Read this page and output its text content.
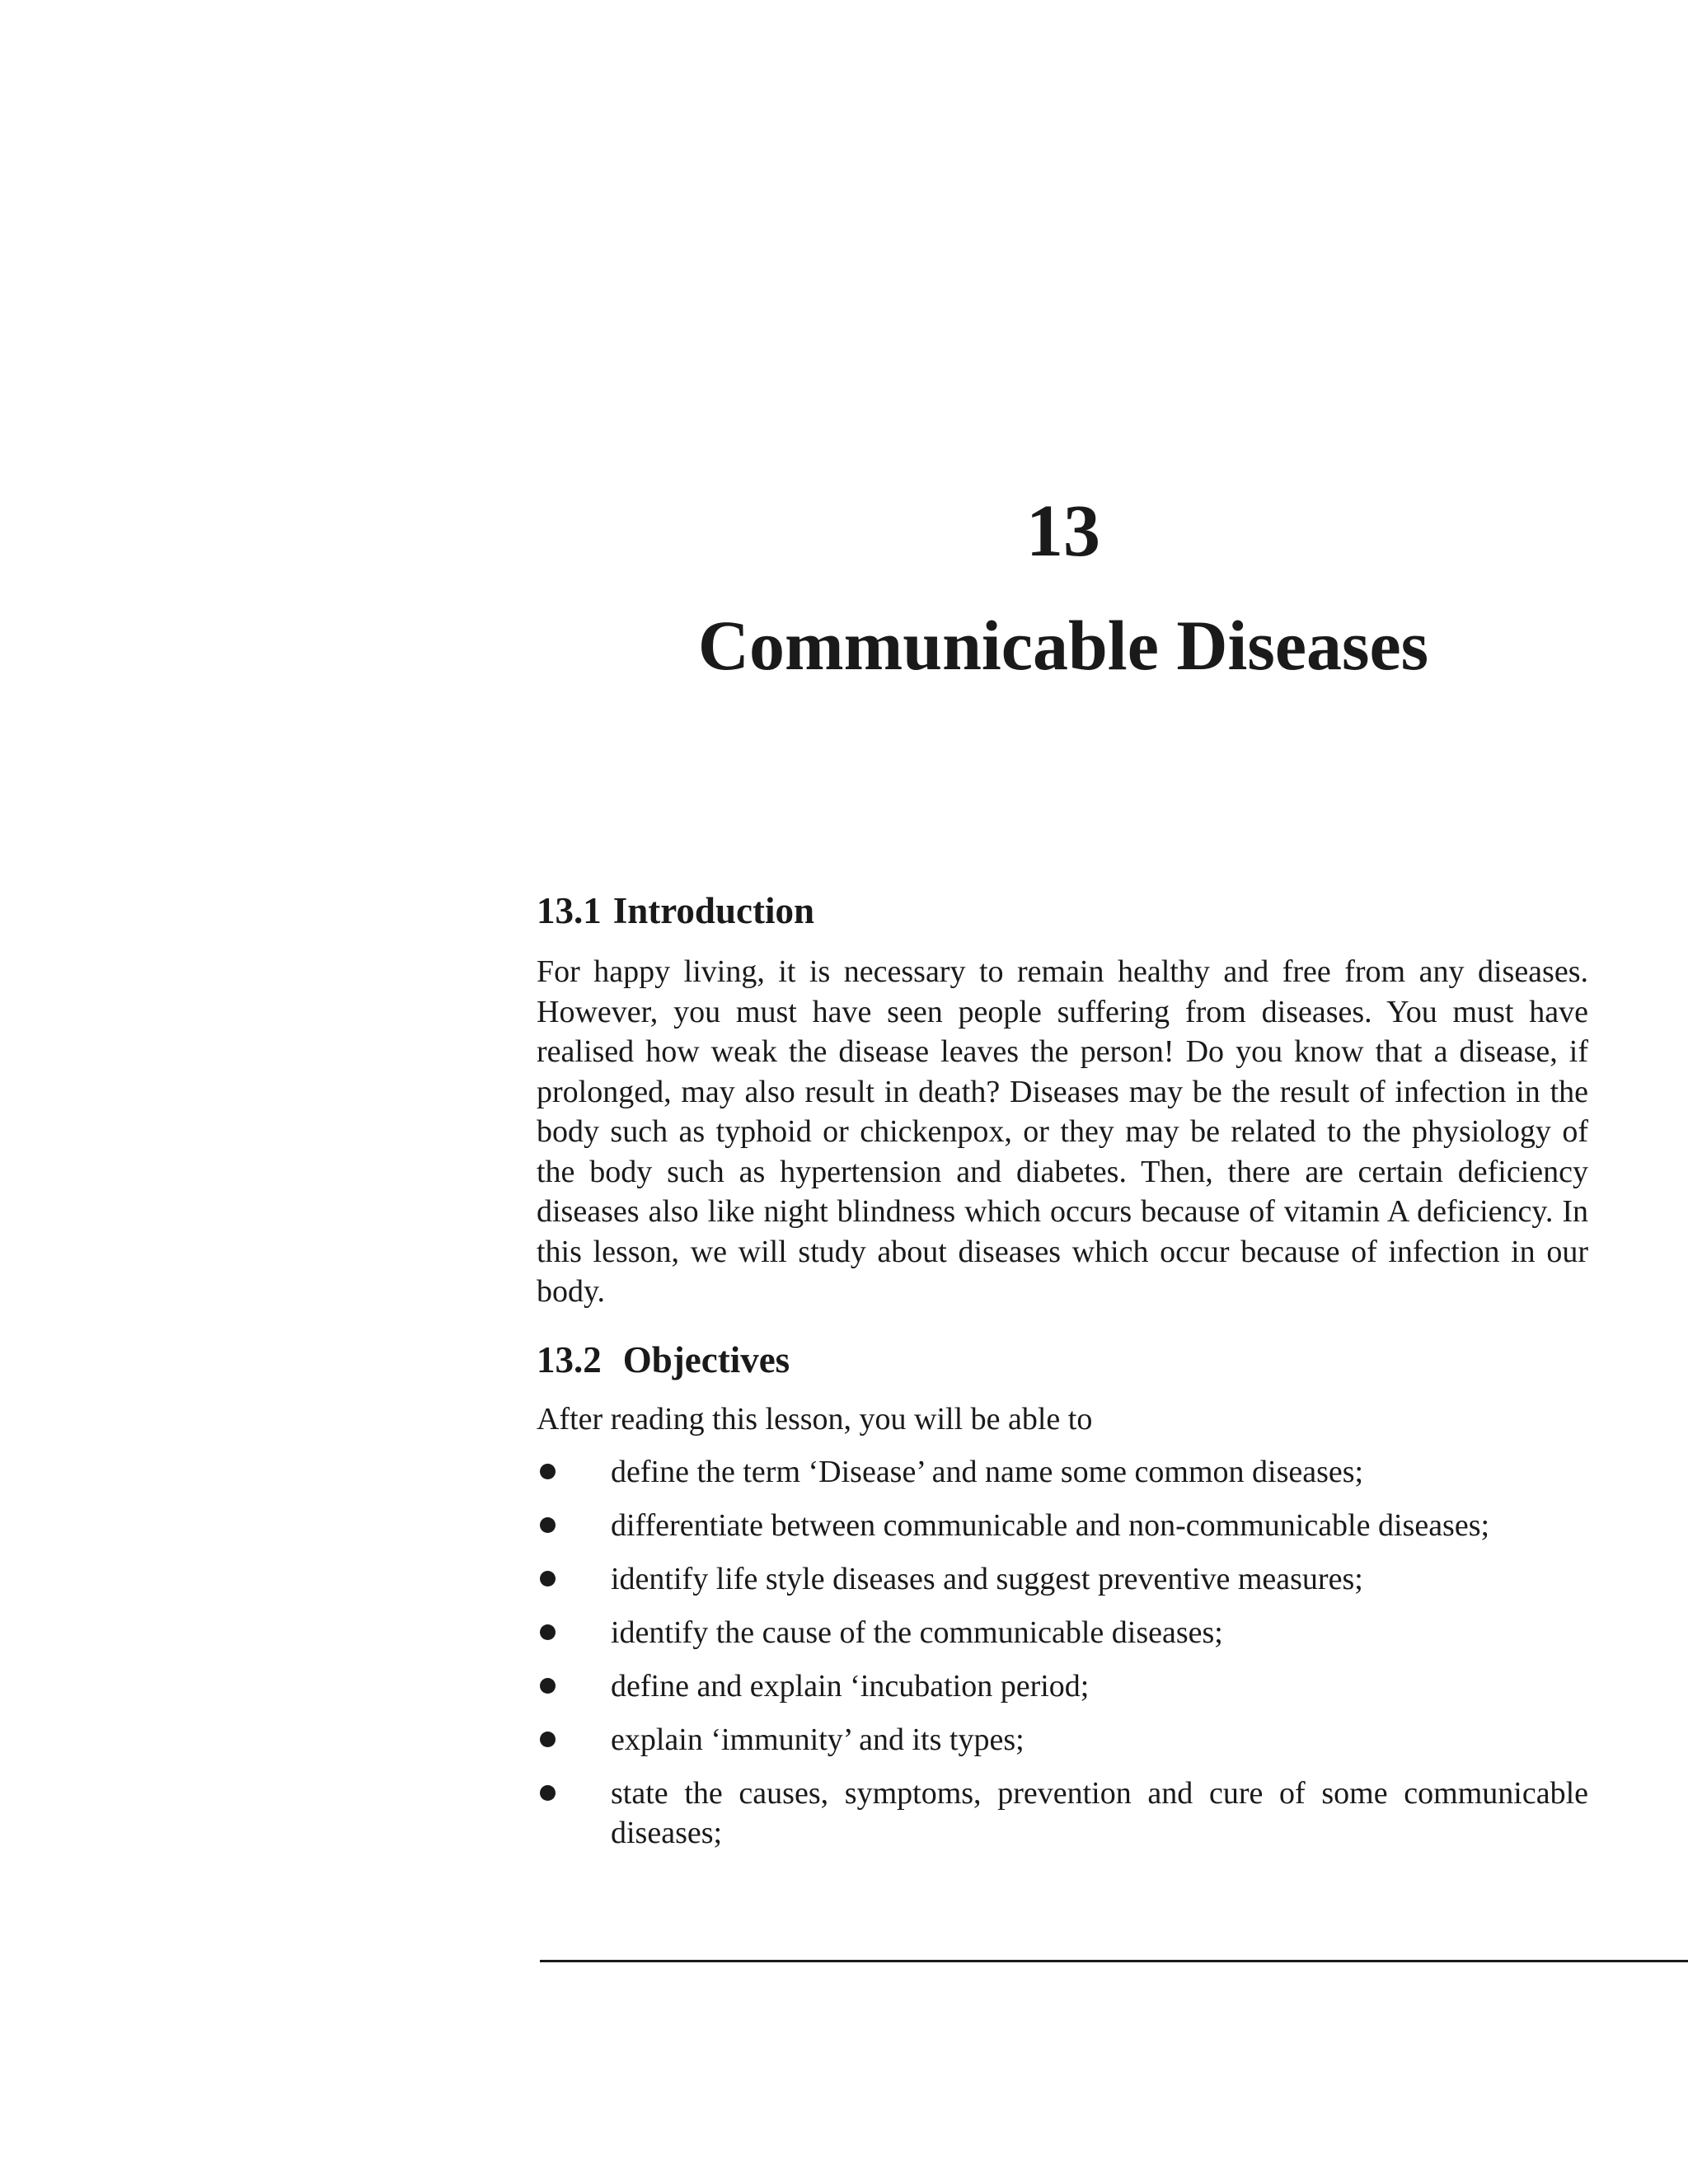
13
Communicable Diseases
13.1 Introduction

For happy living, it is necessary to remain healthy and free from any diseases. However, you must have seen people suffering from diseases. You must have realised how weak the disease leaves the person! Do you know that a disease, if prolonged, may also result in death? Diseases may be the result of infection in the body such as typhoid or chickenpox, or they may be related to the physiology of the body such as hypertension and diabetes. Then, there are certain deficiency diseases also like night blindness which occurs because of vitamin A deficiency. In this lesson, we will study about diseases which occur because of infection in our body.

13.2 Objectives

After reading this lesson, you will be able to

define the term ‘Disease’ and name some common diseases;
differentiate between communicable and non-communicable diseases;
identify life style diseases and suggest preventive measures;
identify the cause of the communicable diseases;
define and explain ‘incubation period;
explain ‘immunity’ and its types;
state the causes, symptoms, prevention and cure of some communicable diseases;
